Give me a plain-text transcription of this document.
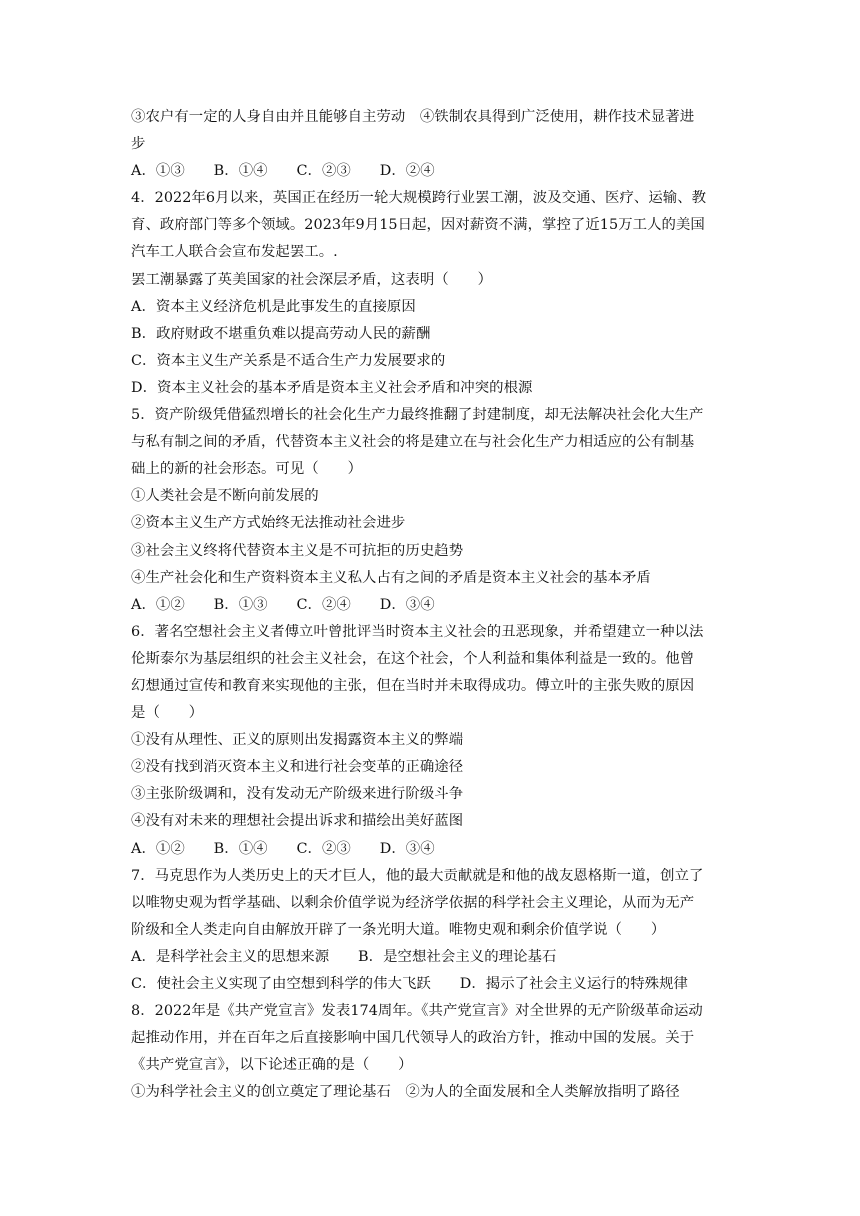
③农户有一定的人身自由并且能够自主劳动　④铁制农具得到广泛使用，耕作技术显著进
步
A．①③　　B．①④　　C．②③　　D．②④
4．2022年6月以来，英国正在经历一轮大规模跨行业罢工潮，波及交通、医疗、运输、教
育、政府部门等多个领域。2023年9月15日起，因对薪资不满，掌控了近15万工人的美国
汽车工人联合会宣布发起罢工。.
罢工潮暴露了英美国家的社会深层矛盾，这表明（　　）
A．资本主义经济危机是此事发生的直接原因
B．政府财政不堪重负难以提高劳动人民的薪酬
C．资本主义生产关系是不适合生产力发展要求的
D．资本主义社会的基本矛盾是资本主义社会矛盾和冲突的根源
5．资产阶级凭借猛烈增长的社会化生产力最终推翻了封建制度，却无法解决社会化大生产
与私有制之间的矛盾，代替资本主义社会的将是建立在与社会化生产力相适应的公有制基
础上的新的社会形态。可见（　　）
①人类社会是不断向前发展的
②资本主义生产方式始终无法推动社会进步
③社会主义终将代替资本主义是不可抗拒的历史趋势
④生产社会化和生产资料资本主义私人占有之间的矛盾是资本主义社会的基本矛盾
A．①②　　B．①③　　C．②④　　D．③④
6．著名空想社会主义者傅立叶曾批评当时资本主义社会的丑恶现象，并希望建立一种以法
伦斯泰尔为基层组织的社会主义社会，在这个社会，个人利益和集体利益是一致的。他曾
幻想通过宣传和教育来实现他的主张，但在当时并未取得成功。傅立叶的主张失败的原因
是（　　）
①没有从理性、正义的原则出发揭露资本主义的弊端
②没有找到消灭资本主义和进行社会变革的正确途径
③主张阶级调和，没有发动无产阶级来进行阶级斗争
④没有对未来的理想社会提出诉求和描绘出美好蓝图
A．①②　　B．①④　　C．②③　　D．③④
7．马克思作为人类历史上的天才巨人，他的最大贡献就是和他的战友恩格斯一道，创立了
以唯物史观为哲学基础、以剩余价值学说为经济学依据的科学社会主义理论，从而为无产
阶级和全人类走向自由解放开辟了一条光明大道。唯物史观和剩余价值学说（　　）
A．是科学社会主义的思想来源　　B．是空想社会主义的理论基石
C．使社会主义实现了由空想到科学的伟大飞跃　　D．揭示了社会主义运行的特殊规律
8．2022年是《共产党宣言》发表174周年。《共产党宣言》对全世界的无产阶级革命运动
起推动作用，并在百年之后直接影响中国几代领导人的政治方针，推动中国的发展。关于
《共产党宣言》，以下论述正确的是（　　）
①为科学社会主义的创立奠定了理论基石　②为人的全面发展和全人类解放指明了路径
